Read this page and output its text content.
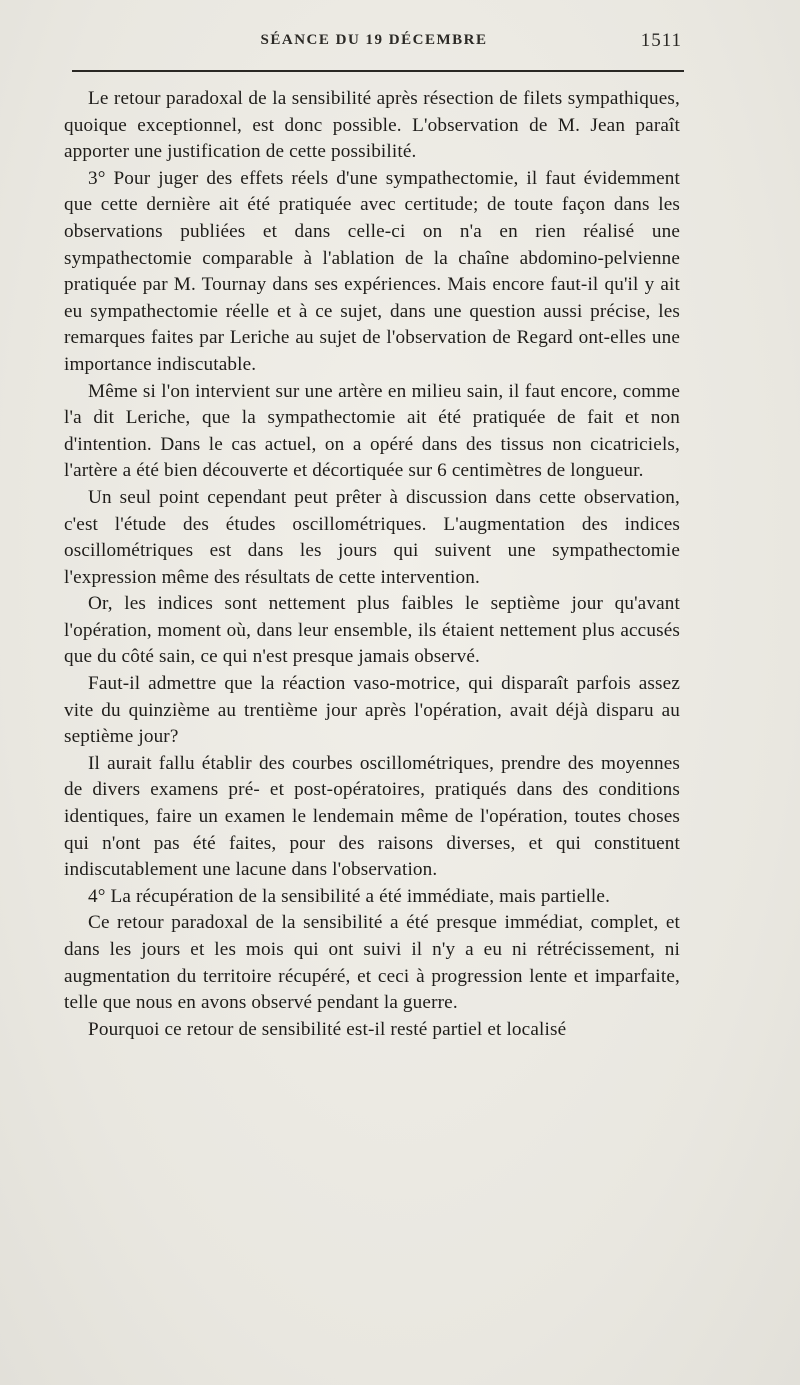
SÉANCE DU 19 DÉCEMBRE	1511

Le retour paradoxal de la sensibilité après résection de filets sympathiques, quoique exceptionnel, est donc possible. L'observation de M. Jean paraît apporter une justification de cette possibilité.

3° Pour juger des effets réels d'une sympathectomie, il faut évidemment que cette dernière ait été pratiquée avec certitude; de toute façon dans les observations publiées et dans celle-ci on n'a en rien réalisé une sympathectomie comparable à l'ablation de la chaîne abdomino-pelvienne pratiquée par M. Tournay dans ses expériences. Mais encore faut-il qu'il y ait eu sympathectomie réelle et à ce sujet, dans une question aussi précise, les remarques faites par Leriche au sujet de l'observation de Regard ont-elles une importance indiscutable.

Même si l'on intervient sur une artère en milieu sain, il faut encore, comme l'a dit Leriche, que la sympathectomie ait été pratiquée de fait et non d'intention. Dans le cas actuel, on a opéré dans des tissus non cicatriciels, l'artère a été bien découverte et décortiquée sur 6 centimètres de longueur.

Un seul point cependant peut prêter à discussion dans cette observation, c'est l'étude des études oscillométriques. L'augmentation des indices oscillométriques est dans les jours qui suivent une sympathectomie l'expression même des résultats de cette intervention.

Or, les indices sont nettement plus faibles le septième jour qu'avant l'opération, moment où, dans leur ensemble, ils étaient nettement plus accusés que du côté sain, ce qui n'est presque jamais observé.

Faut-il admettre que la réaction vaso-motrice, qui disparaît parfois assez vite du quinzième au trentième jour après l'opération, avait déjà disparu au septième jour?

Il aurait fallu établir des courbes oscillométriques, prendre des moyennes de divers examens pré- et post-opératoires, pratiqués dans des conditions identiques, faire un examen le lendemain même de l'opération, toutes choses qui n'ont pas été faites, pour des raisons diverses, et qui constituent indiscutablement une lacune dans l'observation.

4° La récupération de la sensibilité a été immédiate, mais partielle.

Ce retour paradoxal de la sensibilité a été presque immédiat, complet, et dans les jours et les mois qui ont suivi il n'y a eu ni rétrécissement, ni augmentation du territoire récupéré, et ceci à progression lente et imparfaite, telle que nous en avons observé pendant la guerre.

Pourquoi ce retour de sensibilité est-il resté partiel et localisé
